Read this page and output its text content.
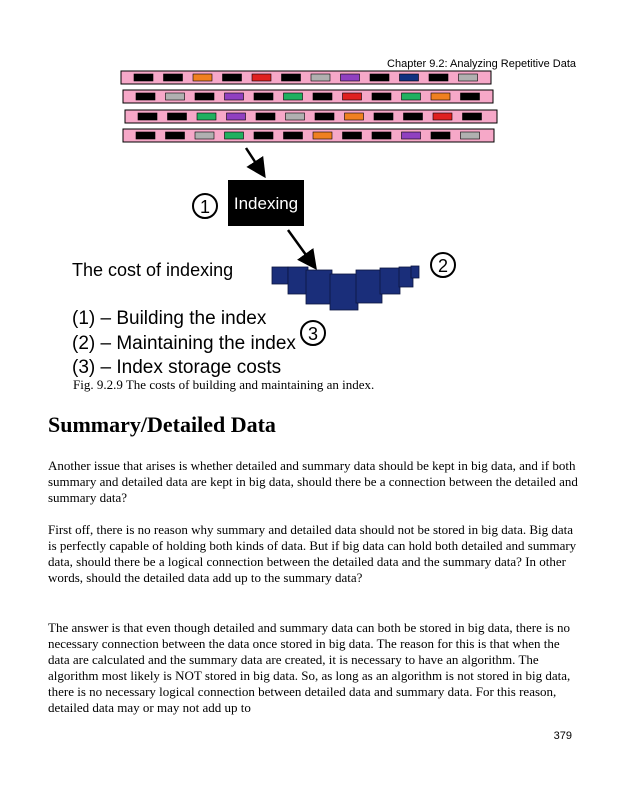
Chapter 9.2: Analyzing Repetitive Data
1 Indexing
2
3
The cost of indexing
(1) – Building the index
(2) – Maintaining the index
(3) – Index storage costs
Fig. 9.2.9 The costs of building and maintaining an index.
Summary/Detailed Data

Another issue that arises is whether detailed and summary data should be kept in big data, and if both summary and detailed data are kept in big data, should there be a connection between the detailed and summary data?

First off, there is no reason why summary and detailed data should not be stored in big data. Big data is perfectly capable of holding both kinds of data. But if big data can hold both detailed and summary data, should there be a logical connection between the detailed data and the summary data? In other words, should the detailed data add up to the summary data?

The answer is that even though detailed and summary data can both be stored in big data, there is no necessary connection between the data once stored in big data. The reason for this is that when the data are calculated and the summary data are created, it is necessary to have an algorithm. The algorithm most likely is NOT stored in big data. So, as long as an algorithm is not stored in big data, there is no necessary logical connection between detailed data and summary data. For this reason, detailed data may or may not add up to

379
